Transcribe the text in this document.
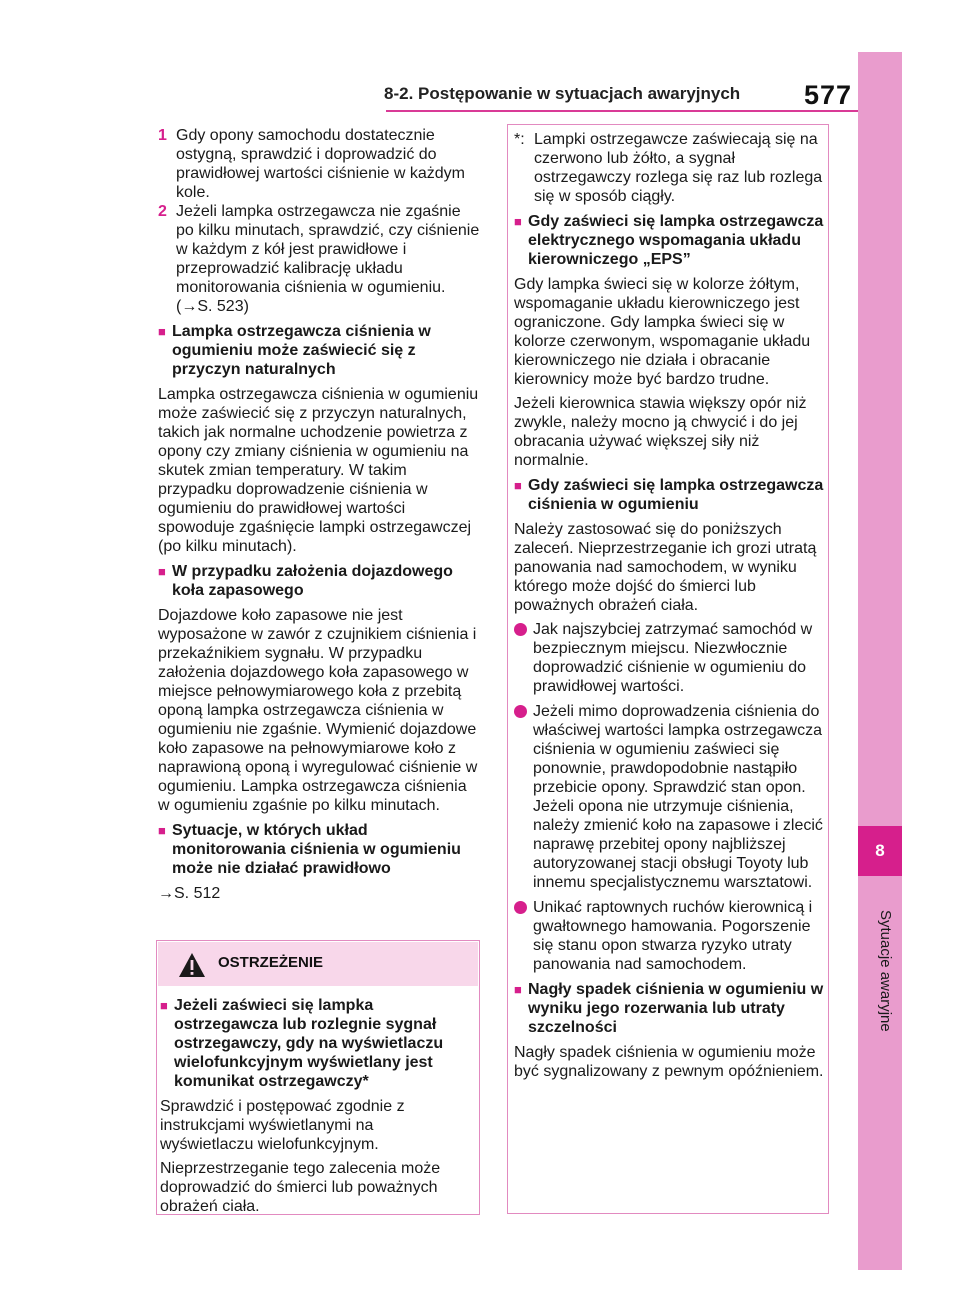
8-2. Postępowanie w sytuacjach awaryjnych 577
8
Sytuacje awaryjne
1 Gdy opony samochodu dostatecznie ostygną, sprawdzić i doprowadzić do prawidłowej wartości ciśnienie w każdym kole.
2 Jeżeli lampka ostrzegawcza nie zgaśnie po kilku minutach, sprawdzić, czy ciśnienie w każdym z kół jest prawidłowe i przeprowadzić kalibrację układu monitorowania ciśnienia w ogumieniu. (→S. 523)
■ Lampka ostrzegawcza ciśnienia w ogumieniu może zaświecić się z przyczyn naturalnych
Lampka ostrzegawcza ciśnienia w ogumieniu może zaświecić się z przyczyn naturalnych, takich jak normalne uchodzenie powietrza z opony czy zmiany ciśnienia w ogumieniu na skutek zmian temperatury. W takim przypadku doprowadzenie ciśnienia w ogumieniu do prawidłowej wartości spowoduje zgaśnięcie lampki ostrzegawczej (po kilku minutach).
■ W przypadku założenia dojazdowego koła zapasowego
Dojazdowe koło zapasowe nie jest wyposażone w zawór z czujnikiem ciśnienia i przekaźnikiem sygnału. W przypadku założenia dojazdowego koła zapasowego w miejsce pełnowymiarowego koła z przebitą oponą lampka ostrzegawcza ciśnienia w ogumieniu nie zgaśnie. Wymienić dojazdowe koło zapasowe na pełnowymiarowe koło z naprawioną oponą i wyregulować ciśnienie w ogumieniu. Lampka ostrzegawcza ciśnienia w ogumieniu zgaśnie po kilku minutach.
■ Sytuacje, w których układ monitorowania ciśnienia w ogumieniu może nie działać prawidłowo
→S. 512
OSTRZEŻENIE
■ Jeżeli zaświeci się lampka ostrzegawcza lub rozlegnie sygnał ostrzegawczy, gdy na wyświetlaczu wielofunkcyjnym wyświetlany jest komunikat ostrzegawczy*
Sprawdzić i postępować zgodnie z instrukcjami wyświetlanymi na wyświetlaczu wielofunkcyjnym.
Nieprzestrzeganie tego zalecenia może doprowadzić do śmierci lub poważnych obrażeń ciała.
*: Lampki ostrzegawcze zaświecają się na czerwono lub żółto, a sygnał ostrzegawczy rozlega się raz lub rozlega się w sposób ciągły.
■ Gdy zaświeci się lampka ostrzegawcza elektrycznego wspomagania układu kierowniczego „EPS”
Gdy lampka świeci się w kolorze żółtym, wspomaganie układu kierowniczego jest ograniczone. Gdy lampka świeci się w kolorze czerwonym, wspomaganie układu kierowniczego nie działa i obracanie kierownicy może być bardzo trudne.
Jeżeli kierownica stawia większy opór niż zwykle, należy mocno ją chwycić i do jej obracania używać większej siły niż normalnie.
■ Gdy zaświeci się lampka ostrzegawcza ciśnienia w ogumieniu
Należy zastosować się do poniższych zaleceń. Nieprzestrzeganie ich grozi utratą panowania nad samochodem, w wyniku którego może dojść do śmierci lub poważnych obrażeń ciała.
Jak najszybciej zatrzymać samochód w bezpiecznym miejscu. Niezwłocznie doprowadzić ciśnienie w ogumieniu do prawidłowej wartości.
Jeżeli mimo doprowadzenia ciśnienia do właściwej wartości lampka ostrzegawcza ciśnienia w ogumieniu zaświeci się ponownie, prawdopodobnie nastąpiło przebicie opony. Sprawdzić stan opon. Jeżeli opona nie utrzymuje ciśnienia, należy zmienić koło na zapasowe i zlecić naprawę przebitej opony najbliższej autoryzowanej stacji obsługi Toyoty lub innemu specjalistycznemu warsztatowi.
Unikać raptownych ruchów kierownicą i gwałtownego hamowania. Pogorszenie się stanu opon stwarza ryzyko utraty panowania nad samochodem.
■ Nagły spadek ciśnienia w ogumieniu w wyniku jego rozerwania lub utraty szczelności
Nagły spadek ciśnienia w ogumieniu może być sygnalizowany z pewnym opóźnieniem.
